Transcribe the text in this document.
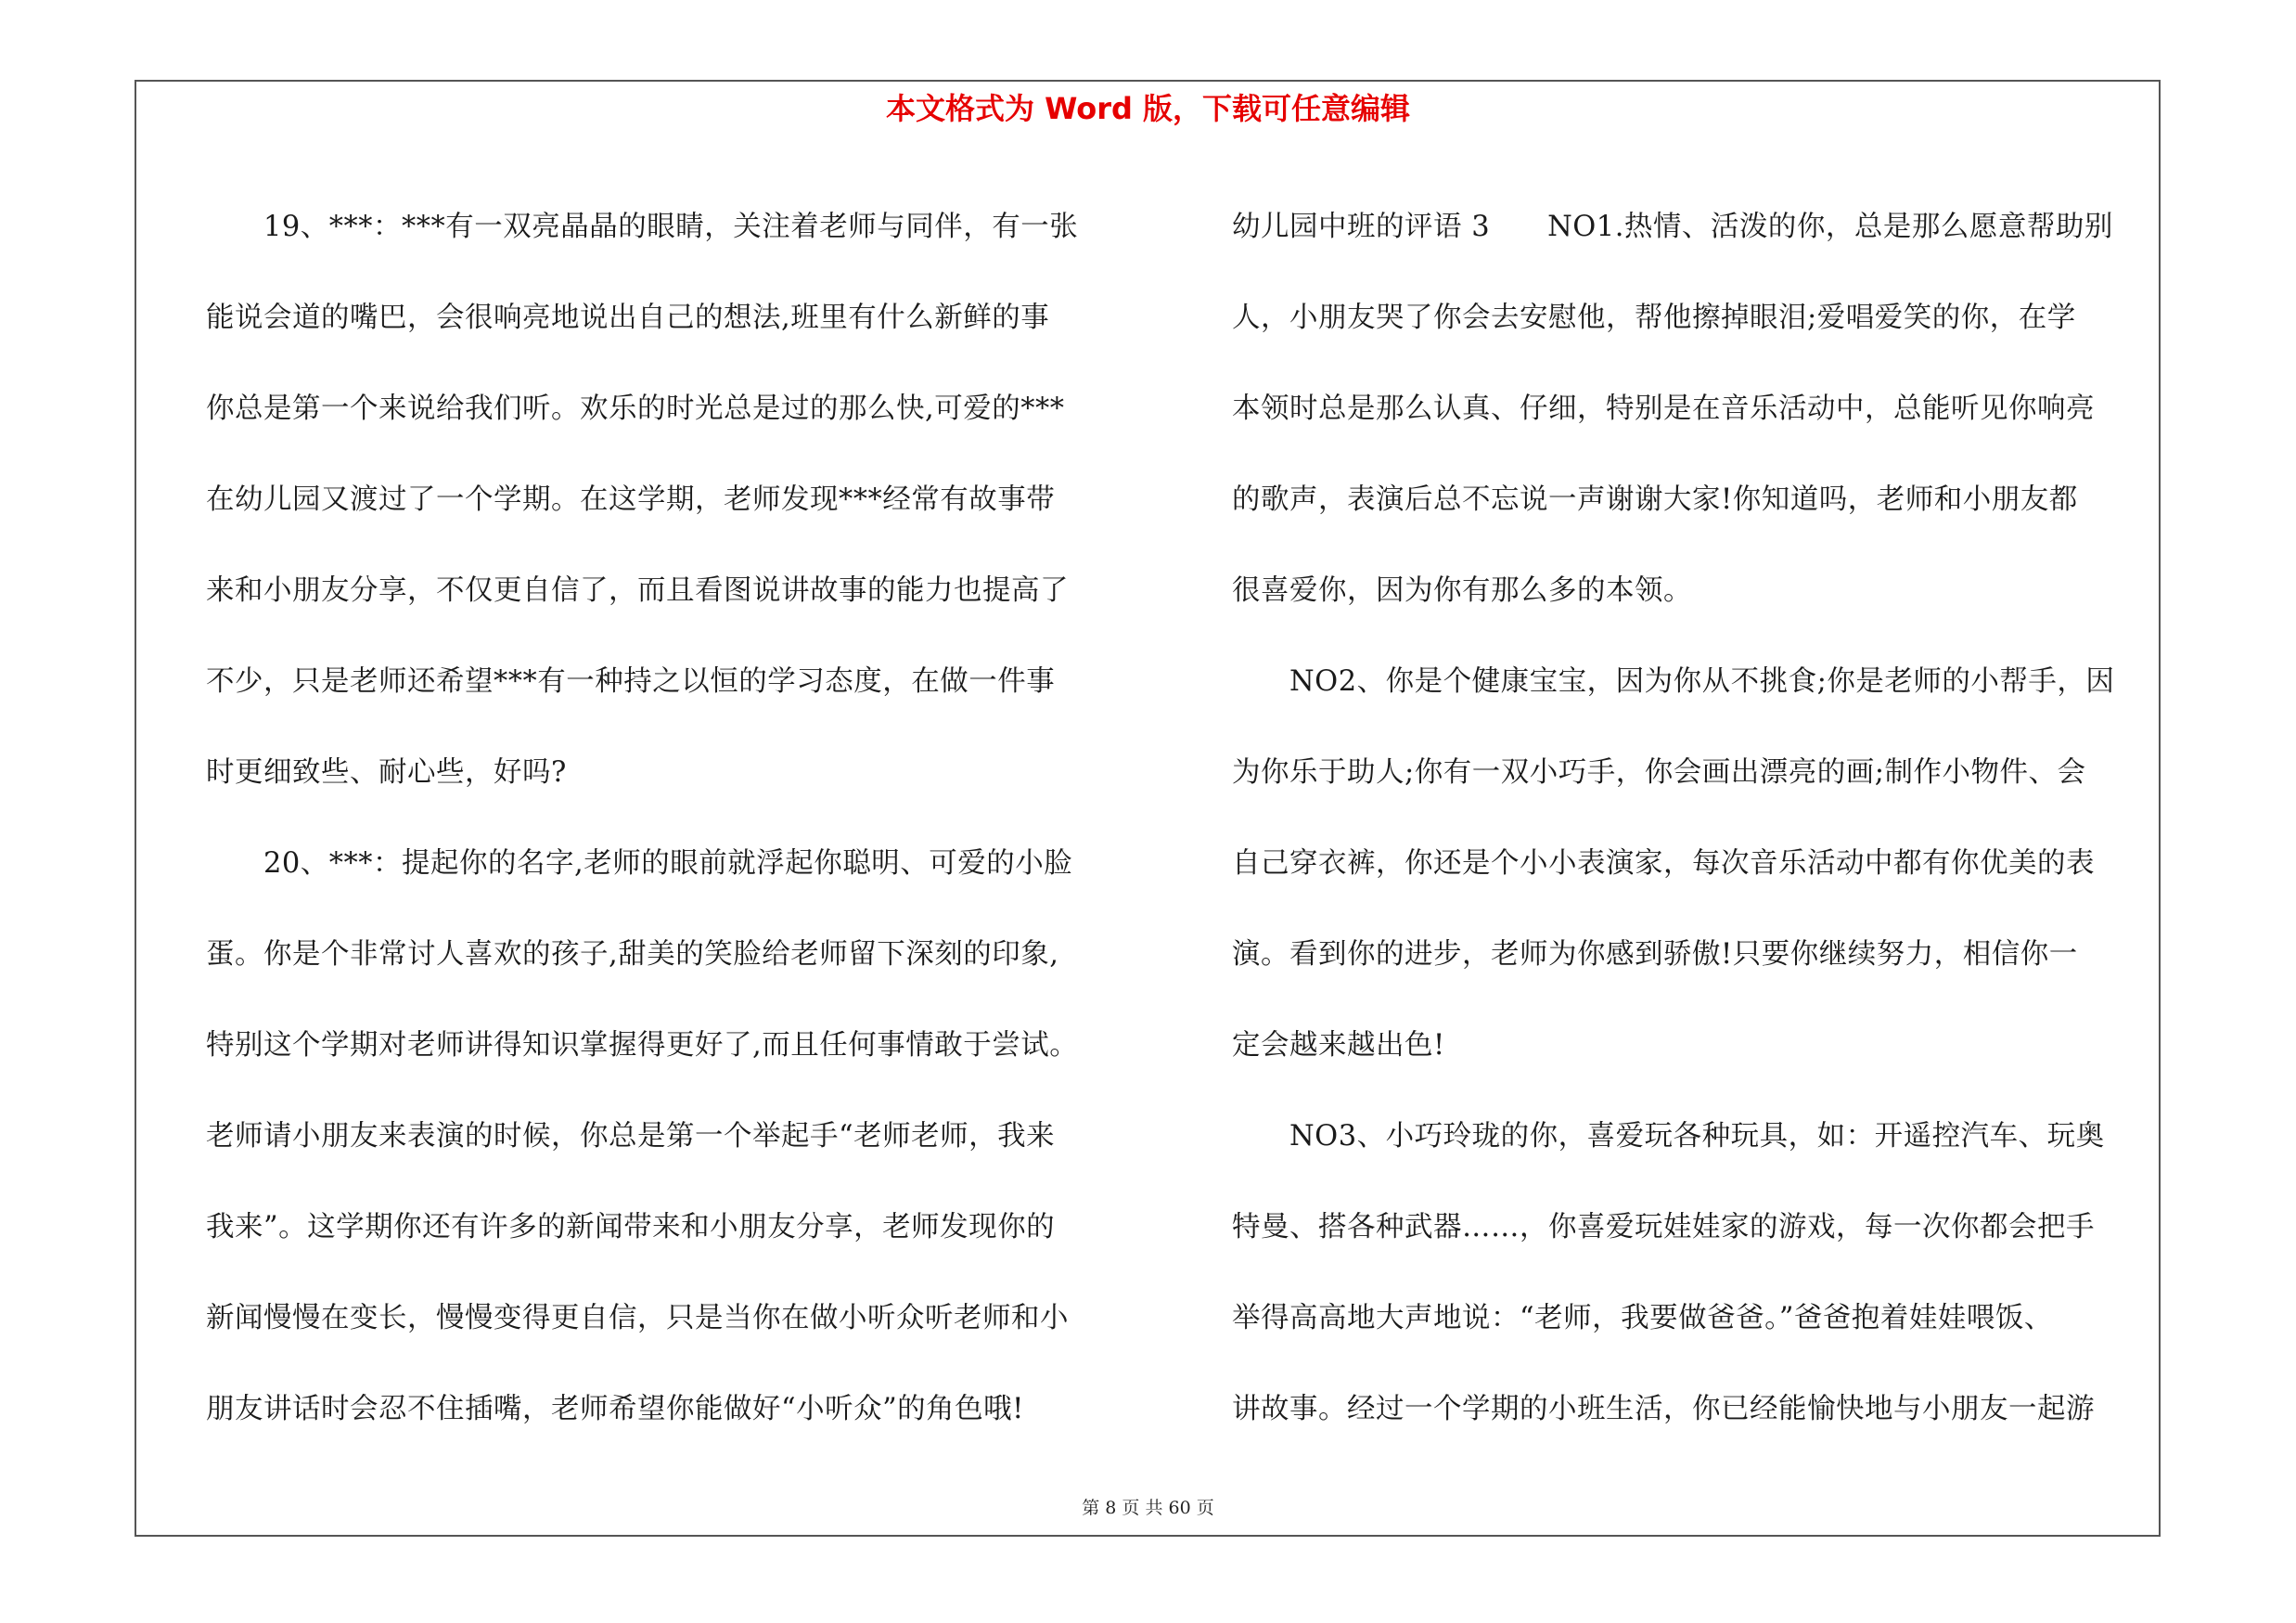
本文格式为 Word 版，下载可任意编辑
　　19、***：***有一双亮晶晶的眼睛，关注着老师与同伴，有一张
能说会道的嘴巴，会很响亮地说出自己的想法,班里有什么新鲜的事
你总是第一个来说给我们听。欢乐的时光总是过的那么快,可爱的***
在幼儿园又渡过了一个学期。在这学期，老师发现***经常有故事带
来和小朋友分享，不仅更自信了，而且看图说讲故事的能力也提高了
不少，只是老师还希望***有一种持之以恒的学习态度，在做一件事
时更细致些、耐心些，好吗?
　　20、***：提起你的名字,老师的眼前就浮起你聪明、可爱的小脸
蛋。你是个非常讨人喜欢的孩子,甜美的笑脸给老师留下深刻的印象,
特别这个学期对老师讲得知识掌握得更好了,而且任何事情敢于尝试。
老师请小朋友来表演的时候，你总是第一个举起手“老师老师，我来
我来”。这学期你还有许多的新闻带来和小朋友分享，老师发现你的
新闻慢慢在变长，慢慢变得更自信，只是当你在做小听众听老师和小
朋友讲话时会忍不住插嘴，老师希望你能做好“小听众”的角色哦!
幼儿园中班的评语 3　　NO1.热情、活泼的你，总是那么愿意帮助别
人，小朋友哭了你会去安慰他，帮他擦掉眼泪;爱唱爱笑的你，在学
本领时总是那么认真、仔细，特别是在音乐活动中，总能听见你响亮
的歌声，表演后总不忘说一声谢谢大家!你知道吗，老师和小朋友都
很喜爱你，因为你有那么多的本领。
　　NO2、你是个健康宝宝，因为你从不挑食;你是老师的小帮手，因
为你乐于助人;你有一双小巧手，你会画出漂亮的画;制作小物件、会
自己穿衣裤，你还是个小小表演家，每次音乐活动中都有你优美的表
演。看到你的进步，老师为你感到骄傲!只要你继续努力，相信你一
定会越来越出色!
　　NO3、小巧玲珑的你，喜爱玩各种玩具，如：开遥控汽车、玩奥
特曼、搭各种武器……，你喜爱玩娃娃家的游戏，每一次你都会把手
举得高高地大声地说：“老师，我要做爸爸。”爸爸抱着娃娃喂饭、
讲故事。经过一个学期的小班生活，你已经能愉快地与小朋友一起游
第 8 页 共 60 页
